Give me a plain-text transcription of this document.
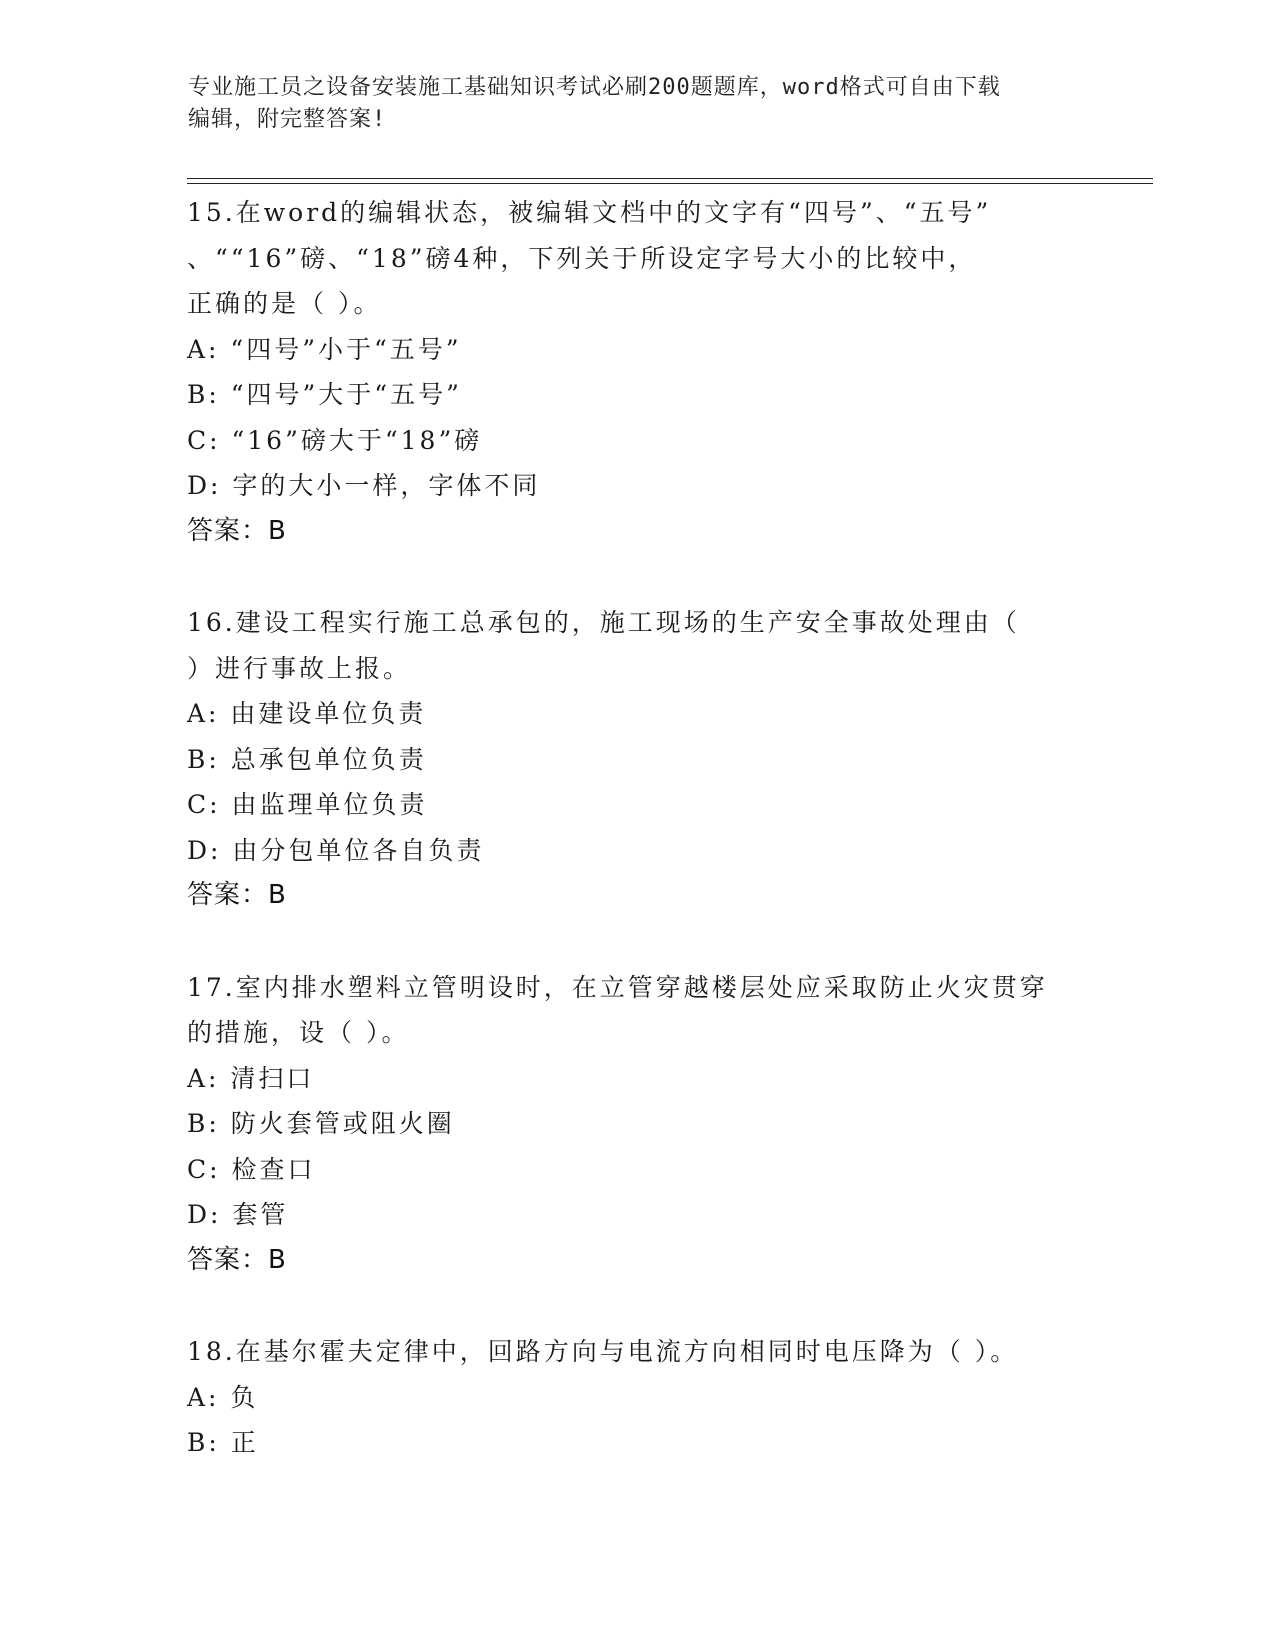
专业施工员之设备安装施工基础知识考试必刷200题题库，word格式可自由下载
编辑，附完整答案!
15.在word的编辑状态，被编辑文档中的文字有“四号”、“五号”
、““16”磅、“18”磅4种，下列关于所设定字号大小的比较中，
正确的是（ ）。
A: “四号”小于“五号”
B: “四号”大于“五号”
C: “16”磅大于“18”磅
D: 字的大小一样，字体不同
答案：B
16.建设工程实行施工总承包的，施工现场的生产安全事故处理由（
）进行事故上报。
A: 由建设单位负责
B: 总承包单位负责
C: 由监理单位负责
D: 由分包单位各自负责
答案：B
17.室内排水塑料立管明设时，在立管穿越楼层处应采取防止火灾贯穿
的措施，设（ ）。
A: 清扫口
B: 防火套管或阻火圈
C: 检查口
D: 套管
答案：B
18.在基尔霍夫定律中，回路方向与电流方向相同时电压降为（ ）。
A: 负
B: 正
